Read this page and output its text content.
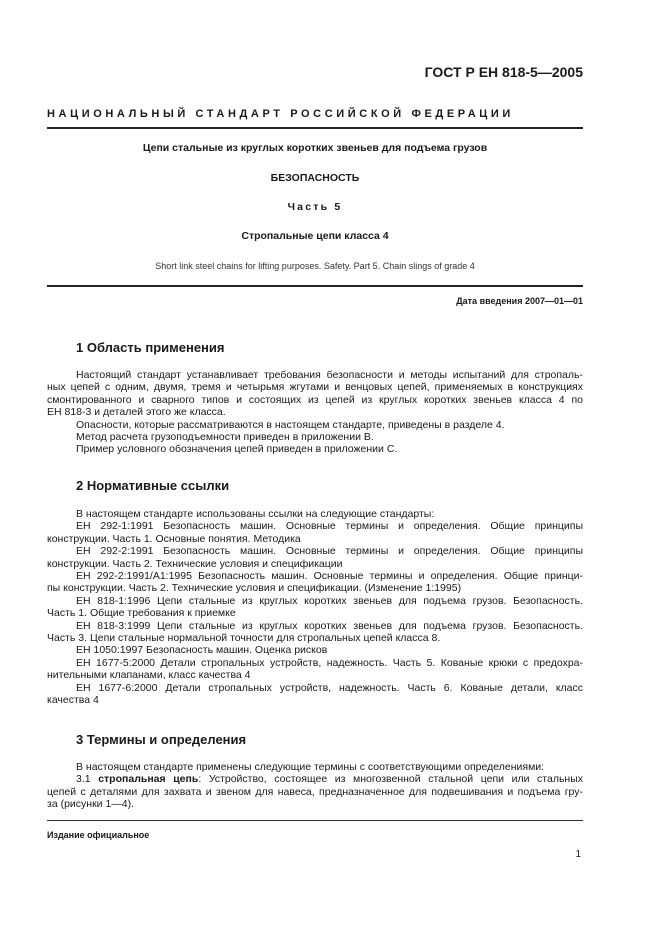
ГОСТ Р ЕН 818-5—2005
НАЦИОНАЛЬНЫЙ СТАНДАРТ РОССИЙСКОЙ ФЕДЕРАЦИИ
Цепи стальные из круглых коротких звеньев для подъема грузов
БЕЗОПАСНОСТЬ
Часть 5
Стропальные цепи класса 4
Short link steel chains for lifting purposes. Safety. Part 5. Chain slings of grade 4
Дата введения 2007—01—01
1 Область применения

Настоящий стандарт устанавливает требования безопасности и методы испытаний для стропаль-

ных цепей с одним, двумя, тремя и четырьмя жгутами и венцовых цепей, применяемых в конструкциях

смонтированного и сварного типов и состоящих из цепей из круглых коротких звеньев класса 4 по

ЕН 818-3 и деталей этого же класса.

Опасности, которые рассматриваются в настоящем стандарте, приведены в разделе 4.

Метод расчета грузоподъемности приведен в приложении В.

Пример условного обозначения цепей приведен в приложении С.

2 Нормативные ссылки

В настоящем стандарте использованы ссылки на следующие стандарты:

ЕН 292-1:1991 Безопасность машин. Основные термины и определения. Общие принципы

конструкции. Часть 1. Основные понятия. Методика

ЕН 292-2:1991 Безопасность машин. Основные термины и определения. Общие принципы

конструкции. Часть 2. Технические условия и спецификации

ЕН 292-2:1991/А1:1995 Безопасность машин. Основные термины и определения. Общие принци-

пы конструкции. Часть 2. Технические условия и спецификации. (Изменение 1:1995)

ЕН 818-1:1996 Цепи стальные из круглых коротких звеньев для подъема грузов. Безопасность.

Часть 1. Общие требования к приемке

ЕН 818-3:1999 Цепи стальные из круглых коротких звеньев для подъема грузов. Безопасность.

Часть 3. Цепи стальные нормальной точности для стропальных цепей класса 8.

ЕН 1050:1997 Безопасность машин. Оценка рисков

ЕН 1677-5:2000 Детали стропальных устройств, надежность. Часть 5. Кованые крюки с предохра-

нительными клапанами, класс качества 4

ЕН 1677-6:2000 Детали стропальных устройств, надежность. Часть 6. Кованые детали, класс

качества 4

3 Термины и определения

В настоящем стандарте применены следующие термины с соответствующими определениями:

3.1 стропальная цепь: Устройство, состоящее из многозвенной стальной цепи или стальных

цепей с деталями для захвата и звеном для навеса, предназначенное для подвешивания и подъема гру-

за (рисунки 1—4).

Издание официальное
1
